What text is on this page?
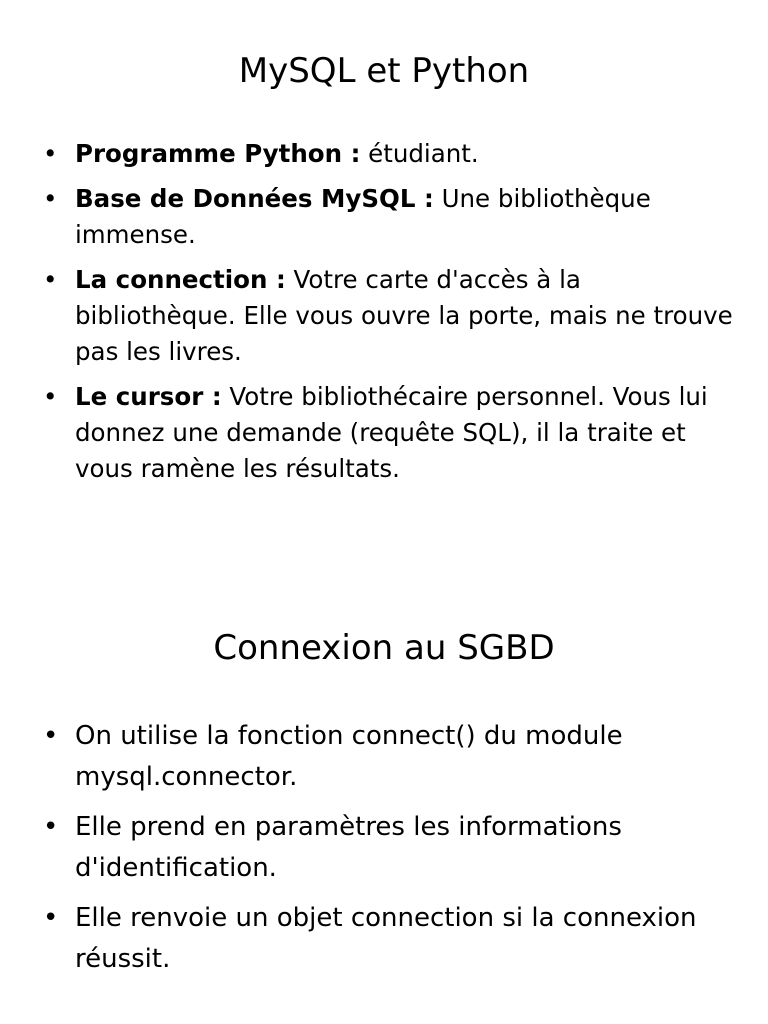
MySQL et Python
• Programme Python : étudiant.
• Base de Données MySQL : Une bibliothèque immense.
• La connection : Votre carte d'accès à la bibliothèque. Elle vous ouvre la porte, mais ne trouve pas les livres.
• Le cursor : Votre bibliothécaire personnel. Vous lui donnez une demande (requête SQL), il la traite et vous ramène les résultats.
Connexion au SGBD
• On utilise la fonction connect() du module mysql.connector.
• Elle prend en paramètres les informations d'identification.
• Elle renvoie un objet connection si la connexion réussit.
